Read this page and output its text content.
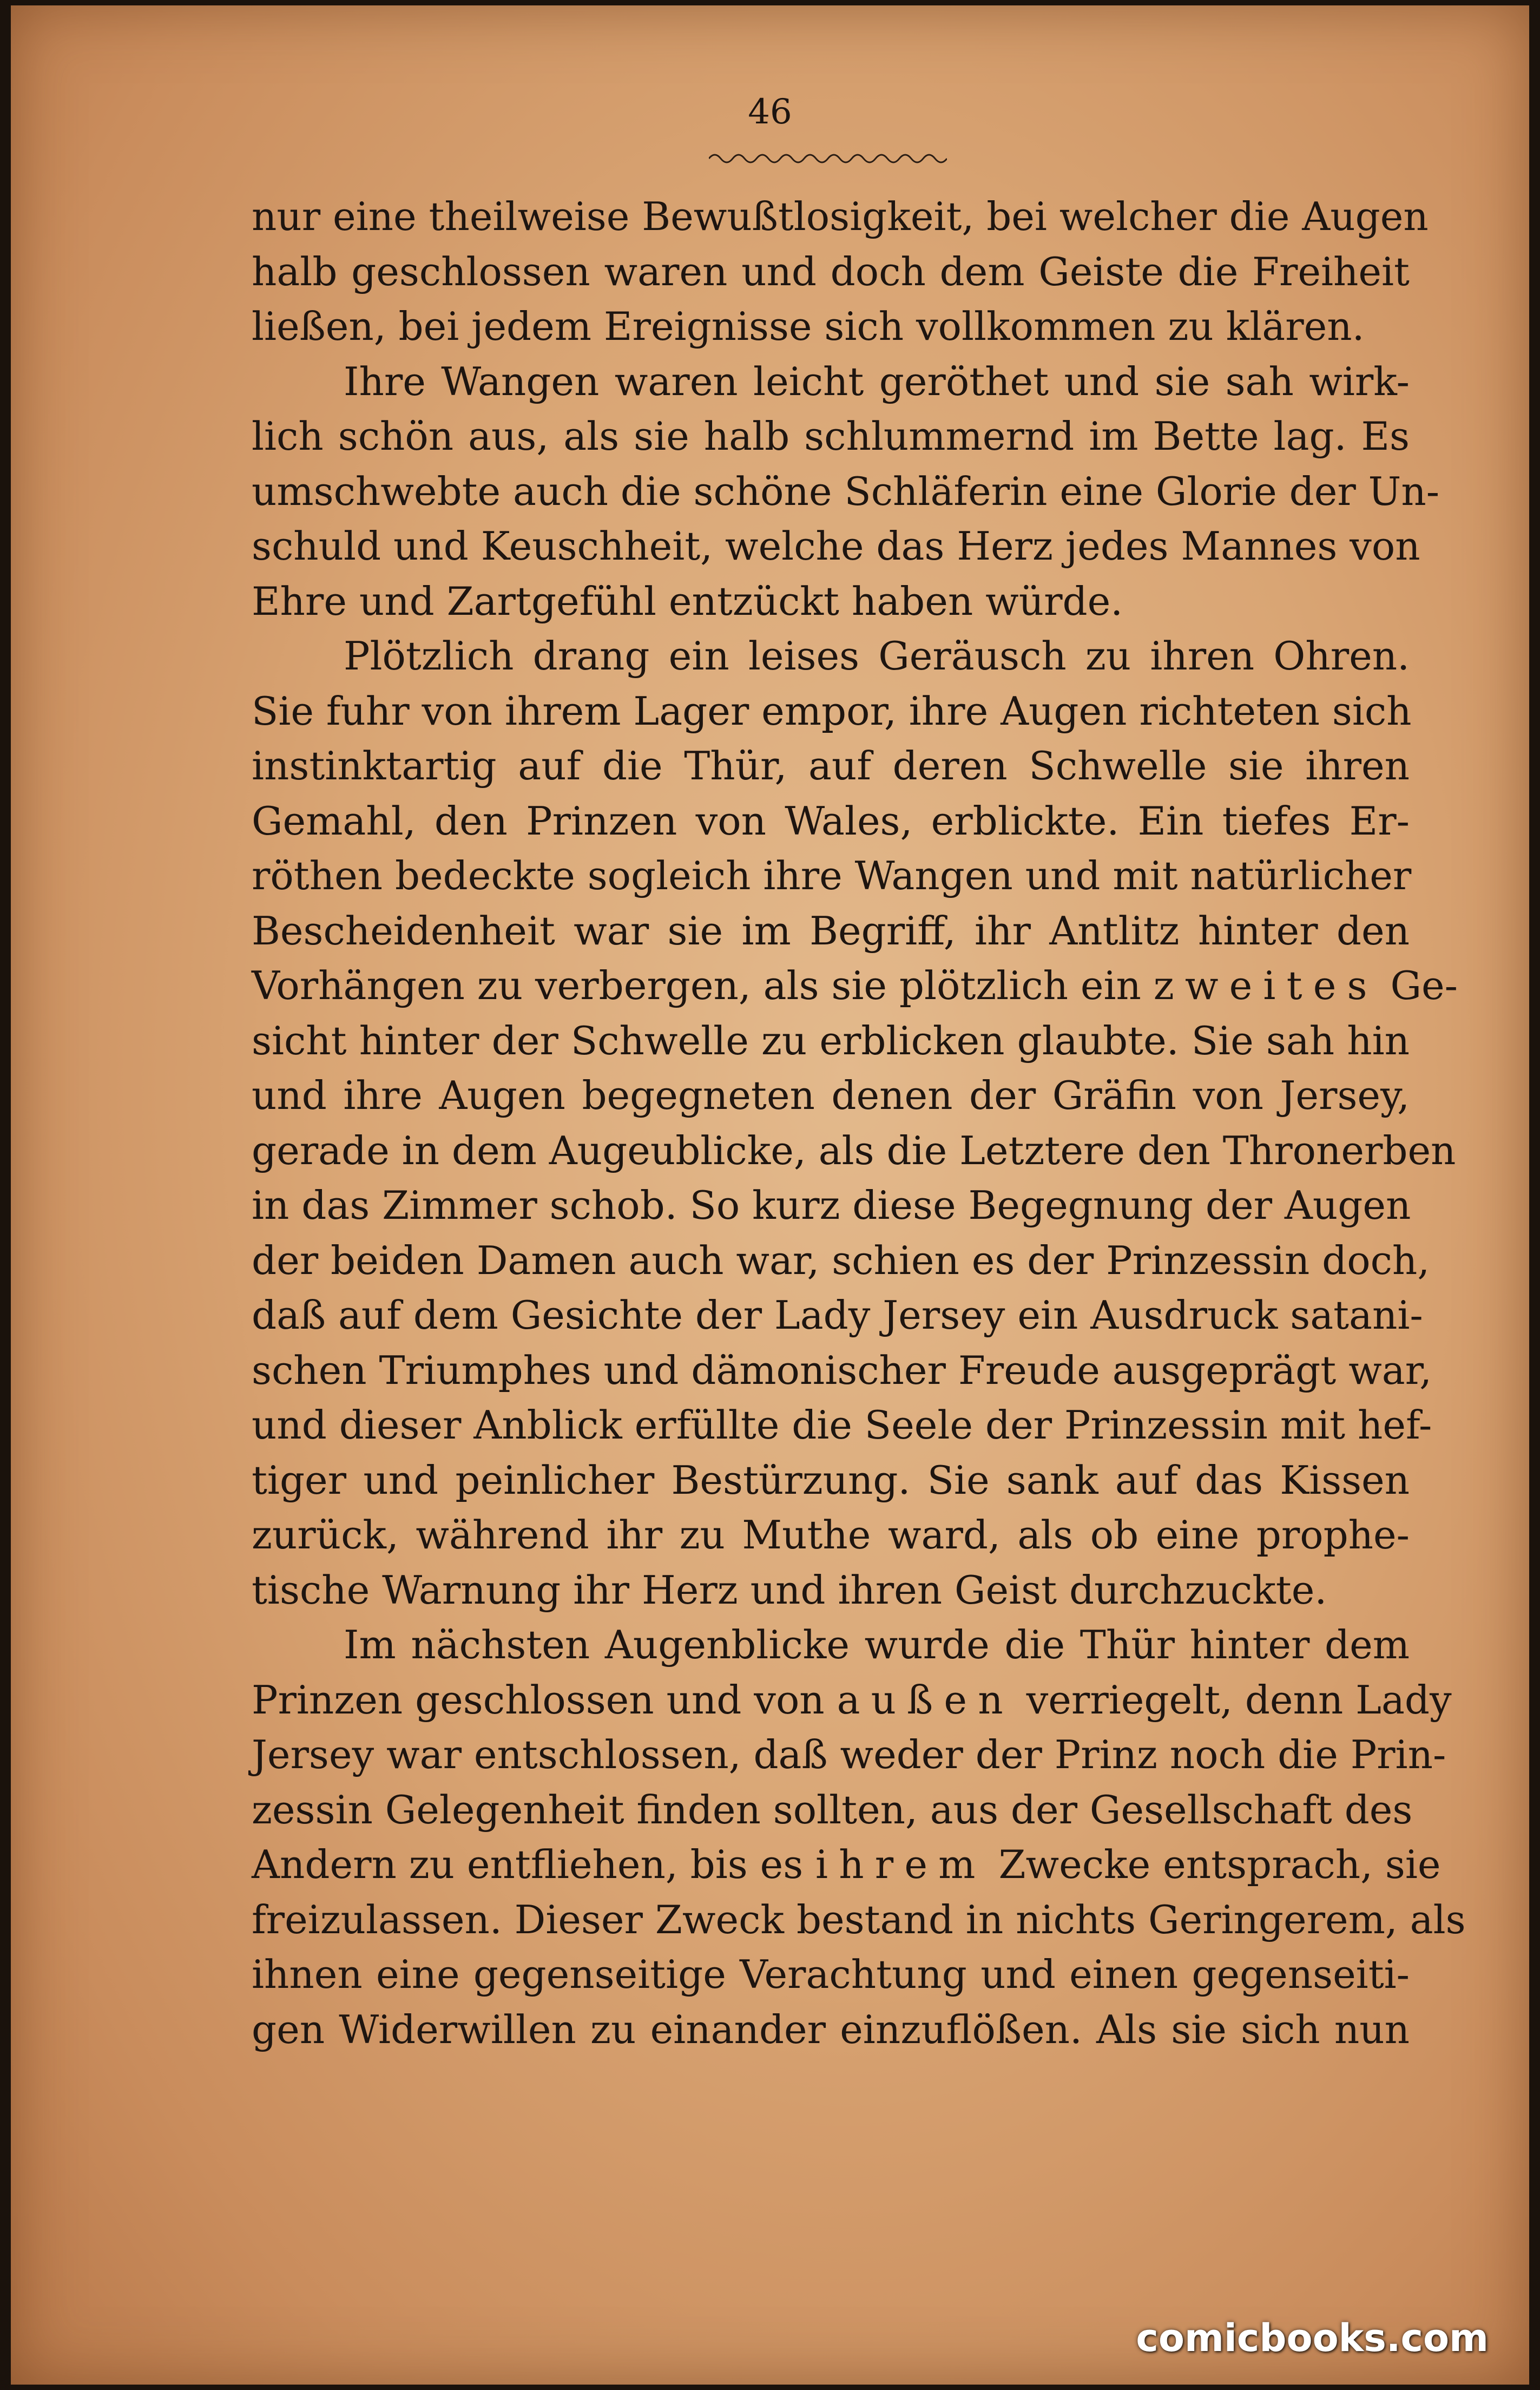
46
nur eine theilweise Bewußtlosigkeit, bei welcher die Augen
halb geschlossen waren und doch dem Geiste die Freiheit
ließen, bei jedem Ereignisse sich vollkommen zu klären.
Ihre Wangen waren leicht geröthet und sie sah wirk-
lich schön aus, als sie halb schlummernd im Bette lag. Es
umschwebte auch die schöne Schläferin eine Glorie der Un-
schuld und Keuschheit, welche das Herz jedes Mannes von
Ehre und Zartgefühl entzückt haben würde.
Plötzlich drang ein leises Geräusch zu ihren Ohren.
Sie fuhr von ihrem Lager empor, ihre Augen richteten sich
instinktartig auf die Thür, auf deren Schwelle sie ihren
Gemahl, den Prinzen von Wales, erblickte. Ein tiefes Er-
röthen bedeckte sogleich ihre Wangen und mit natürlicher
Bescheidenheit war sie im Begriff, ihr Antlitz hinter den
Vorhängen zu verbergen, als sie plötzlich ein zweites Ge-
sicht hinter der Schwelle zu erblicken glaubte. Sie sah hin
und ihre Augen begegneten denen der Gräfin von Jersey,
gerade in dem Augeublicke, als die Letztere den Thronerben
in das Zimmer schob. So kurz diese Begegnung der Augen
der beiden Damen auch war, schien es der Prinzessin doch,
daß auf dem Gesichte der Lady Jersey ein Ausdruck satani-
schen Triumphes und dämonischer Freude ausgeprägt war,
und dieser Anblick erfüllte die Seele der Prinzessin mit hef-
tiger und peinlicher Bestürzung. Sie sank auf das Kissen
zurück, während ihr zu Muthe ward, als ob eine prophe-
tische Warnung ihr Herz und ihren Geist durchzuckte.
Im nächsten Augenblicke wurde die Thür hinter dem
Prinzen geschlossen und von außen verriegelt, denn Lady
Jersey war entschlossen, daß weder der Prinz noch die Prin-
zessin Gelegenheit finden sollten, aus der Gesellschaft des
Andern zu entfliehen, bis es ihrem Zwecke entsprach, sie
freizulassen. Dieser Zweck bestand in nichts Geringerem, als
ihnen eine gegenseitige Verachtung und einen gegenseiti-
gen Widerwillen zu einander einzuflößen. Als sie sich nun
comicbooks.com
